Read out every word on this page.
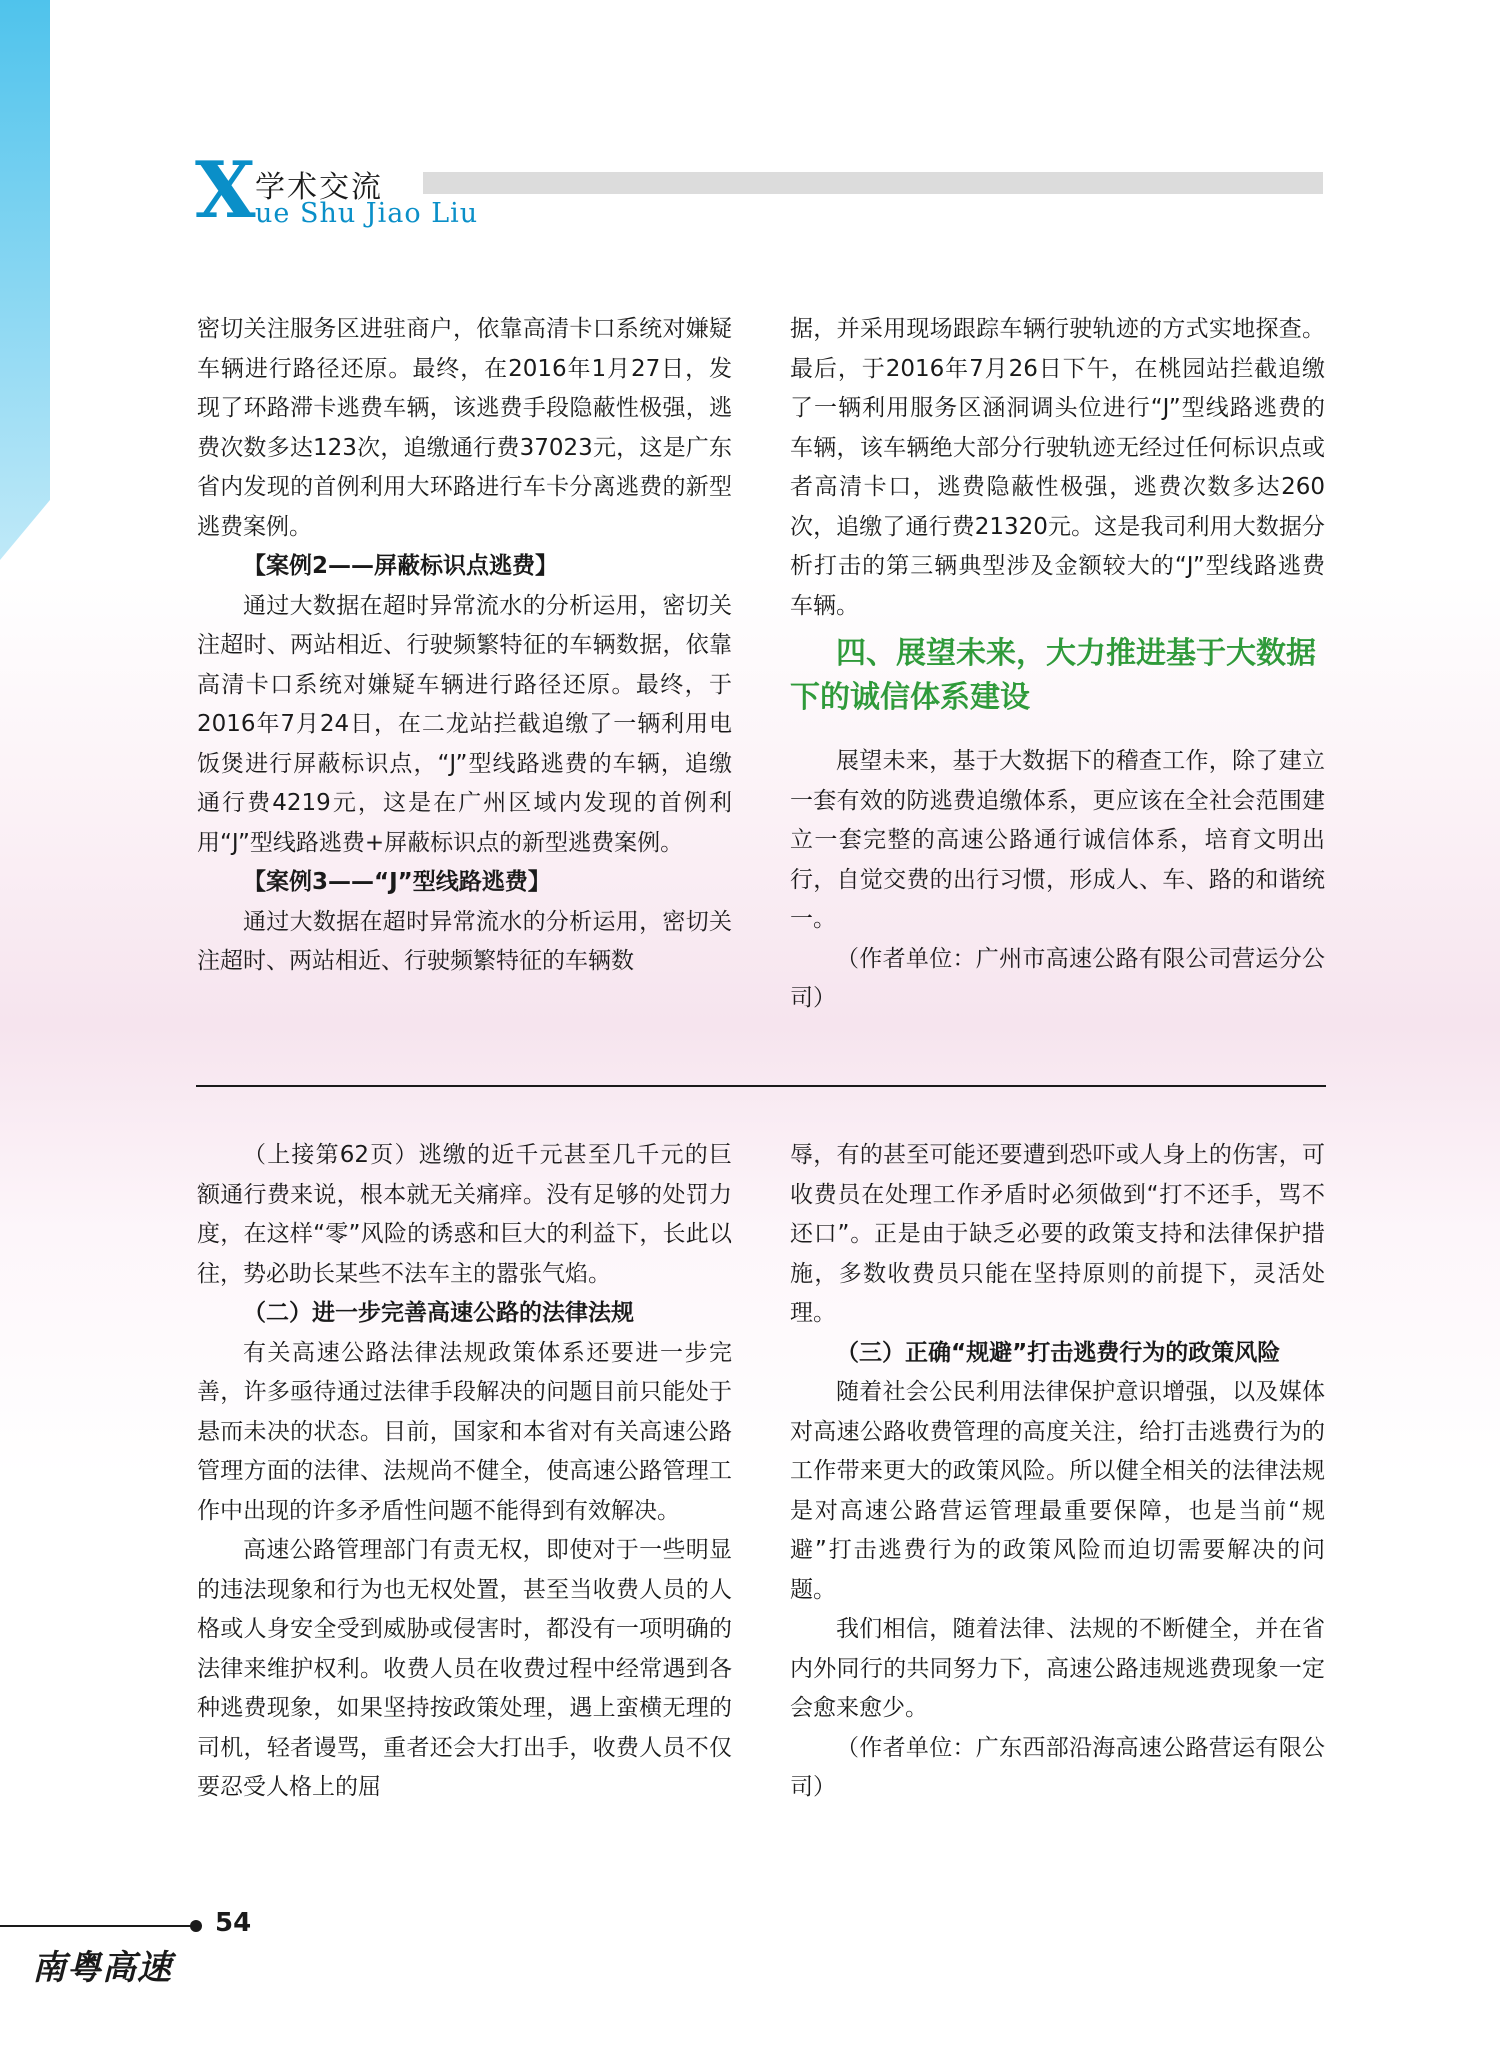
X 学术交流
ue Shu Jiao Liu

密切关注服务区进驻商户，依靠高清卡口系统对嫌疑车辆进行路径还原。最终，在2016年1月27日，发现了环路滞卡逃费车辆，该逃费手段隐蔽性极强，逃费次数多达123次，追缴通行费37023元，这是广东省内发现的首例利用大环路进行车卡分离逃费的新型逃费案例。

【案例2——屏蔽标识点逃费】

通过大数据在超时异常流水的分析运用，密切关注超时、两站相近、行驶频繁特征的车辆数据，依靠高清卡口系统对嫌疑车辆进行路径还原。最终，于2016年7月24日，在二龙站拦截追缴了一辆利用电饭煲进行屏蔽标识点，“J”型线路逃费的车辆，追缴通行费4219元，这是在广州区域内发现的首例利用“J”型线路逃费+屏蔽标识点的新型逃费案例。

【案例3——“J”型线路逃费】

通过大数据在超时异常流水的分析运用，密切关注超时、两站相近、行驶频繁特征的车辆数

据，并采用现场跟踪车辆行驶轨迹的方式实地探查。最后，于2016年7月26日下午，在桃园站拦截追缴了一辆利用服务区涵洞调头位进行“J”型线路逃费的车辆，该车辆绝大部分行驶轨迹无经过任何标识点或者高清卡口，逃费隐蔽性极强，逃费次数多达260次，追缴了通行费21320元。这是我司利用大数据分析打击的第三辆典型涉及金额较大的“J”型线路逃费车辆。

四、展望未来，大力推进基于大数据下的诚信体系建设

展望未来，基于大数据下的稽查工作，除了建立一套有效的防逃费追缴体系，更应该在全社会范围建立一套完整的高速公路通行诚信体系，培育文明出行，自觉交费的出行习惯，形成人、车、路的和谐统一。

（作者单位：广州市高速公路有限公司营运分公司）

（上接第62页）逃缴的近千元甚至几千元的巨额通行费来说，根本就无关痛痒。没有足够的处罚力度，在这样“零”风险的诱惑和巨大的利益下，长此以往，势必助长某些不法车主的嚣张气焰。

（二）进一步完善高速公路的法律法规

有关高速公路法律法规政策体系还要进一步完善，许多亟待通过法律手段解决的问题目前只能处于悬而未决的状态。目前，国家和本省对有关高速公路管理方面的法律、法规尚不健全，使高速公路管理工作中出现的许多矛盾性问题不能得到有效解决。

高速公路管理部门有责无权，即使对于一些明显的违法现象和行为也无权处置，甚至当收费人员的人格或人身安全受到威胁或侵害时，都没有一项明确的法律来维护权利。收费人员在收费过程中经常遇到各种逃费现象，如果坚持按政策处理，遇上蛮横无理的司机，轻者谩骂，重者还会大打出手，收费人员不仅要忍受人格上的屈

辱，有的甚至可能还要遭到恐吓或人身上的伤害，可收费员在处理工作矛盾时必须做到“打不还手，骂不还口”。正是由于缺乏必要的政策支持和法律保护措施，多数收费员只能在坚持原则的前提下，灵活处理。

（三）正确“规避”打击逃费行为的政策风险

随着社会公民利用法律保护意识增强，以及媒体对高速公路收费管理的高度关注，给打击逃费行为的工作带来更大的政策风险。所以健全相关的法律法规是对高速公路营运管理最重要保障，也是当前“规避”打击逃费行为的政策风险而迫切需要解决的问题。

我们相信，随着法律、法规的不断健全，并在省内外同行的共同努力下，高速公路违规逃费现象一定会愈来愈少。

（作者单位：广东西部沿海高速公路营运有限公司）

54
南粤高速
